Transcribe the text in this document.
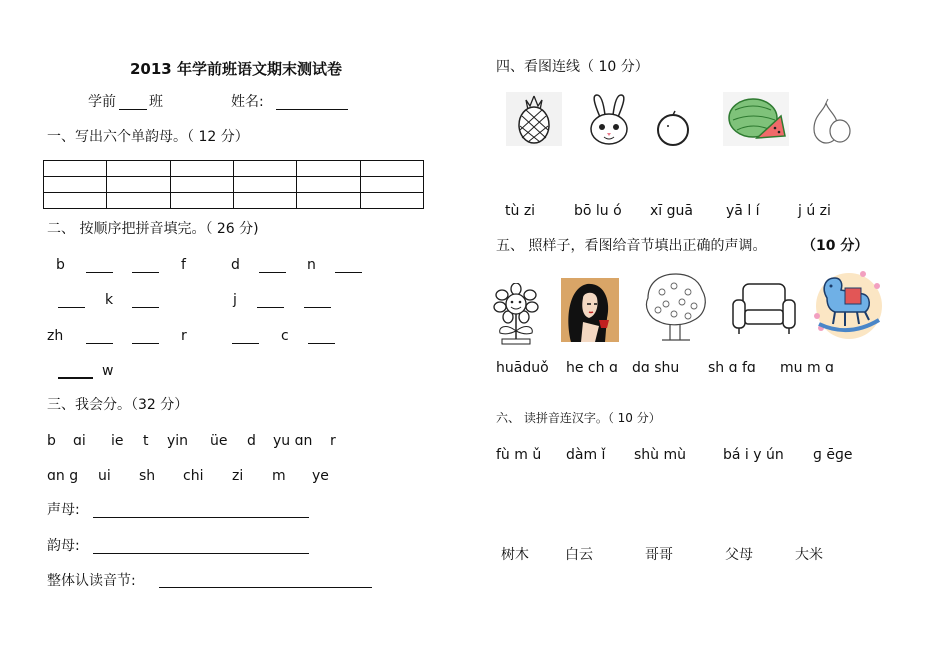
2013 年学前班语文期末测试卷
学前 班	姓名:
一、写出六个单韵母。（ 12 分）

二、 按顺序把拼音填完。（ 26 分)
b	f	d	n
k	j
zh	r	c
w
三、我会分。（32 分）
b ɑi ie t yin üe d yu ɑn r
ɑn g ui sh chi zi m ye
声母:
韵母:
整体认读音节:
四、看图连线（ 10 分）
tù zi	bō lu ó xī guā yā l í	j ú zi
五、 照样子，看图给音节填出正确的声调。	（10 分）
huāduǒ he ch ɑ dɑ shu sh ɑ fɑ mu m ɑ
六、 读拼音连汉字。（ 10 分）
fù m ǔ dàm ǐ shù mù	bá i y ún ɡ ēɡe
树木	白云	哥哥	父母	大米
